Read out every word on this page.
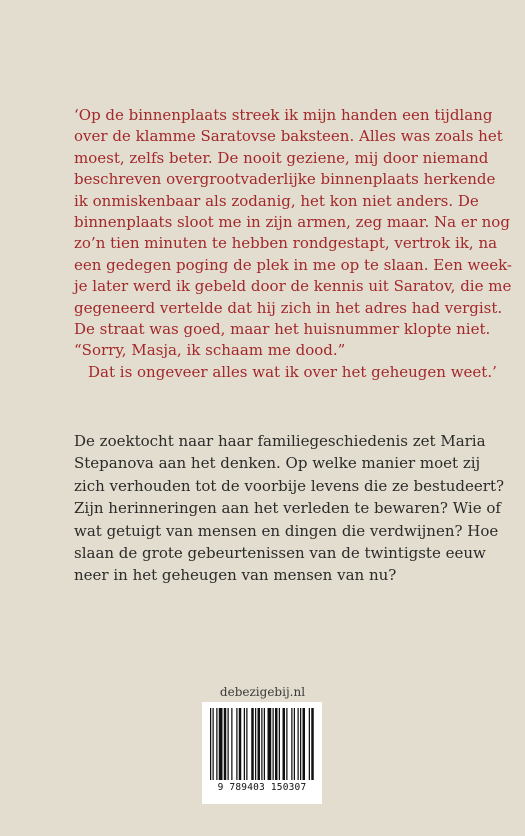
‘Op de binnenplaats streek ik mijn handen een tijdlang
over de klamme Saratovse baksteen. Alles was zoals het
moest, zelfs beter. De nooit geziene, mij door niemand
beschreven overgrootvaderlijke binnenplaats herkende
ik onmiskenbaar als zodanig, het kon niet anders. De
binnenplaats sloot me in zijn armen, zeg maar. Na er nog
zo’n tien minuten te hebben rondgestapt, vertrok ik, na
een gedegen poging de plek in me op te slaan. Een week-
je later werd ik gebeld door de kennis uit Saratov, die me
gegeneerd vertelde dat hij zich in het adres had vergist.
De straat was goed, maar het huisnummer klopte niet.
“Sorry, Masja, ik schaam me dood.”
Dat is ongeveer alles wat ik over het geheugen weet.’
De zoektocht naar haar familiegeschiedenis zet Maria
Stepanova aan het denken. Op welke manier moet zij
zich verhouden tot de voorbije levens die ze bestudeert?
Zijn herinneringen aan het verleden te bewaren? Wie of
wat getuigt van mensen en dingen die verdwijnen? Hoe
slaan de grote gebeurtenissen van de twintigste eeuw
neer in het geheugen van mensen van nu?
debezigebij.nl
9 789403 150307
